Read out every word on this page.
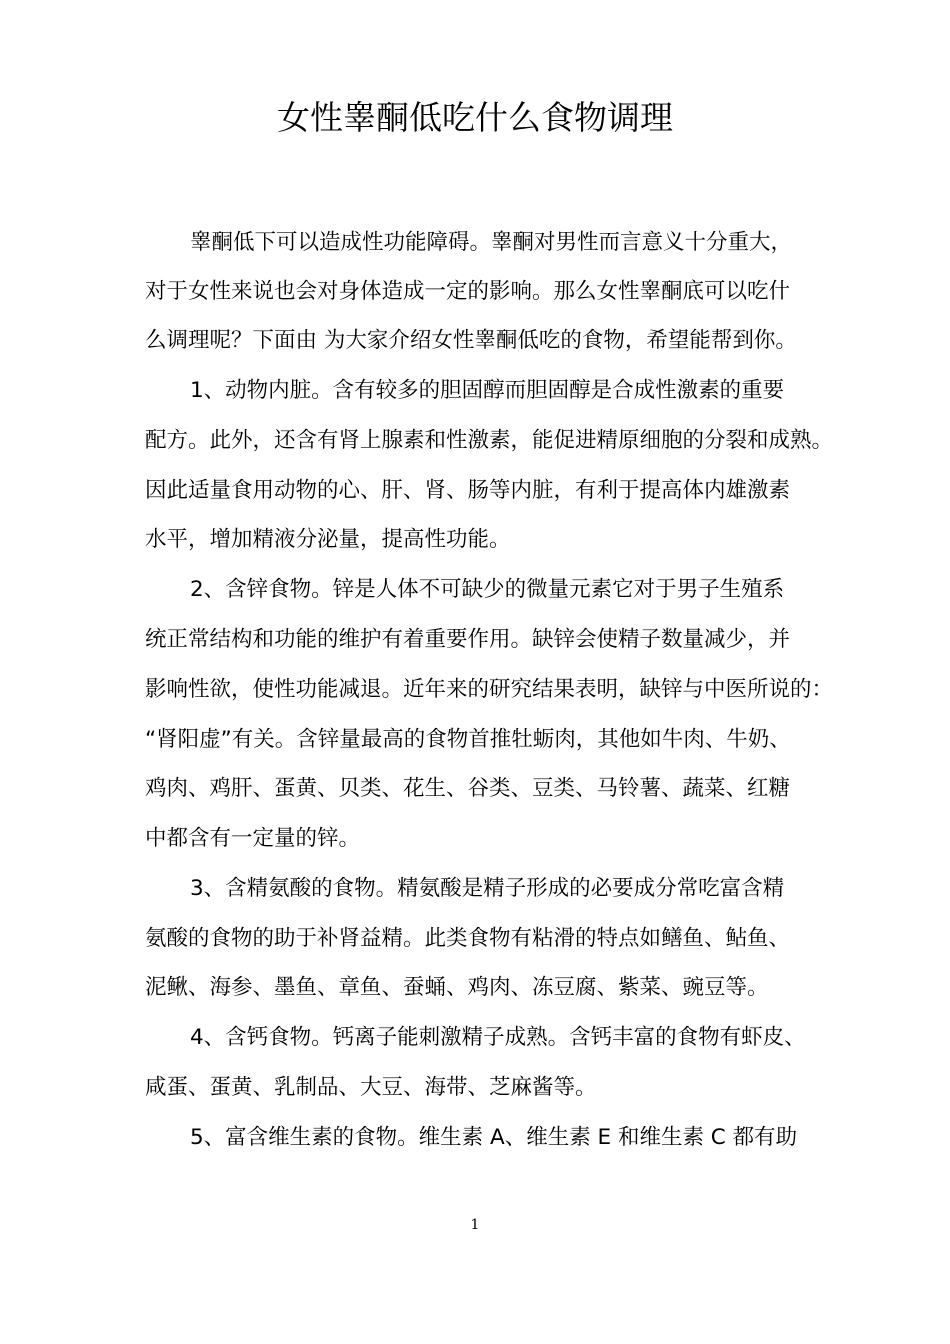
女性睾酮低吃什么食物调理
睾酮低下可以造成性功能障碍。睾酮对男性而言意义十分重大，
对于女性来说也会对身体造成一定的影响。那么女性睾酮底可以吃什
么调理呢？下面由 为大家介绍女性睾酮低吃的食物，希望能帮到你。
1、动物内脏。含有较多的胆固醇而胆固醇是合成性激素的重要
配方。此外，还含有肾上腺素和性激素，能促进精原细胞的分裂和成熟。
因此适量食用动物的心、肝、肾、肠等内脏，有利于提高体内雄激素
水平，增加精液分泌量，提高性功能。
2、含锌食物。锌是人体不可缺少的微量元素它对于男子生殖系
统正常结构和功能的维护有着重要作用。缺锌会使精子数量减少，并
影响性欲，使性功能减退。近年来的研究结果表明，缺锌与中医所说的：
“肾阳虚”有关。含锌量最高的食物首推牡蛎肉，其他如牛肉、牛奶、
鸡肉、鸡肝、蛋黄、贝类、花生、谷类、豆类、马铃薯、蔬菜、红糖
中都含有一定量的锌。
3、含精氨酸的食物。精氨酸是精子形成的必要成分常吃富含精
氨酸的食物的助于补肾益精。此类食物有粘滑的特点如鳝鱼、鲇鱼、
泥鳅、海参、墨鱼、章鱼、蚕蛹、鸡肉、冻豆腐、紫菜、豌豆等。
4、含钙食物。钙离子能刺激精子成熟。含钙丰富的食物有虾皮、
咸蛋、蛋黄、乳制品、大豆、海带、芝麻酱等。
5、富含维生素的食物。维生素 A、维生素 E 和维生素 C 都有助
1
